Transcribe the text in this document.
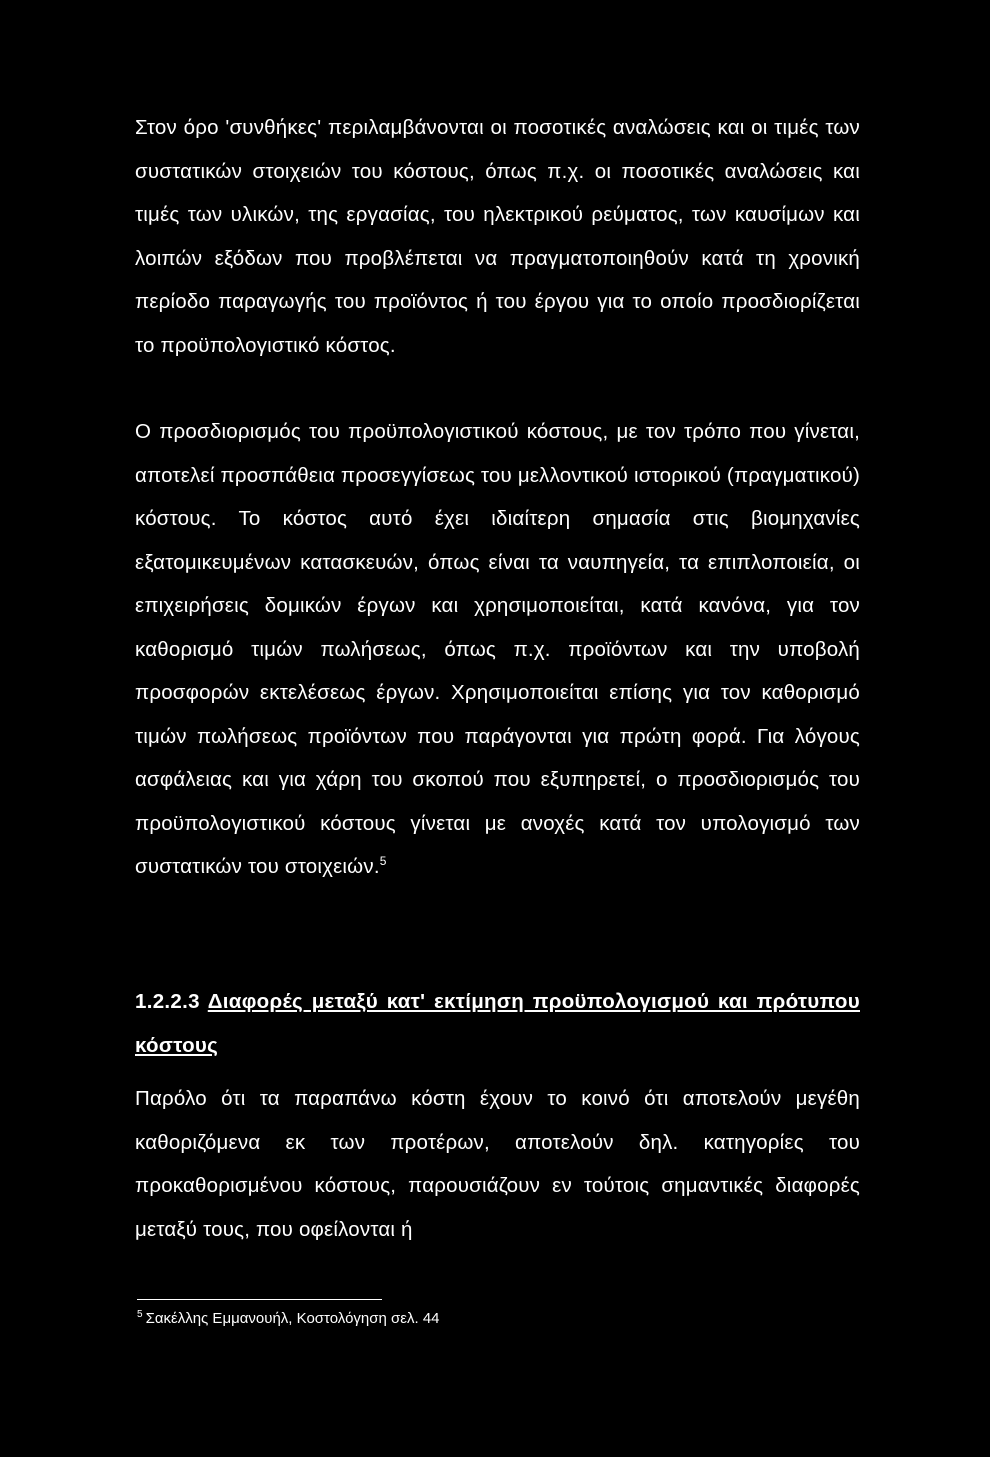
Στον όρο 'συνθήκες' περιλαμβάνονται οι ποσοτικές αναλώσεις και οι τιμές των συστατικών στοιχειών του κόστους, όπως π.χ. οι ποσοτικές αναλώσεις και τιμές των υλικών, της εργασίας, του ηλεκτρικού ρεύματος, των καυσίμων και λοιπών εξόδων που προβλέπεται να πραγματοποιηθούν κατά τη χρονική περίοδο παραγωγής του προϊόντος ή του έργου για το οποίο προσδιορίζεται το προϋπολογιστικό κόστος.
Ο προσδιορισμός του προϋπολογιστικού κόστους, με τον τρόπο που γίνεται, αποτελεί προσπάθεια προσεγγίσεως του μελλοντικού ιστορικού (πραγματικού) κόστους. Το κόστος αυτό έχει ιδιαίτερη σημασία στις βιομηχανίες εξατομικευμένων κατασκευών, όπως είναι τα ναυπηγεία, τα επιπλοποιεία, οι επιχειρήσεις δομικών έργων και χρησιμοποιείται, κατά κανόνα, για τον καθορισμό τιμών πωλήσεως, όπως π.χ. προϊόντων και την υποβολή προσφορών εκτελέσεως έργων. Χρησιμοποιείται επίσης για τον καθορισμό τιμών πωλήσεως προϊόντων που παράγονται για πρώτη φορά. Για λόγους ασφάλειας και για χάρη του σκοπού που εξυπηρετεί, ο προσδιορισμός του προϋπολογιστικού κόστους γίνεται με ανοχές κατά τον υπολογισμό των συστατικών του στοιχειών.$^5$
1.2.2.3 Διαφορές μεταξύ κατ' εκτίμηση προϋπολογισμού και πρότυπου κόστους
Παρόλο ότι τα παραπάνω κόστη έχουν το κοινό ότι αποτελούν μεγέθη καθοριζόμενα εκ των προτέρων, αποτελούν δηλ. κατηγορίες του προκαθορισμένου κόστους, παρουσιάζουν εν τούτοις σημαντικές διαφορές μεταξύ τους, που οφείλονται ή
$^5$ Σακέλλης Εμμανουήλ, Κοστολόγηση σελ. 44
